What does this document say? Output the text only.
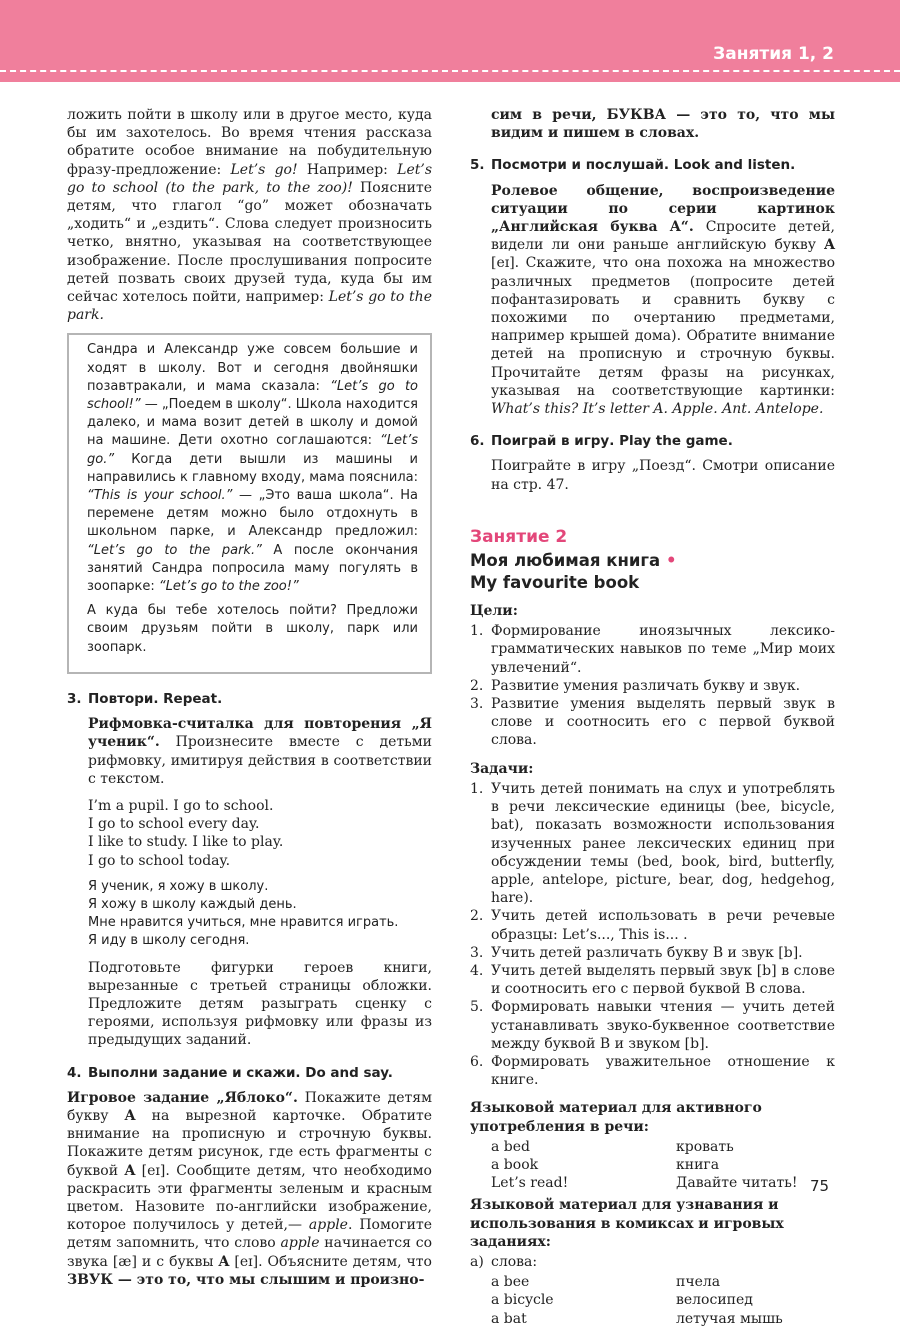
Занятия 1, 2

ложить пойти в школу или в другое место, куда бы им захотелось. Во время чтения рассказа обратите особое внимание на побудительную фразу-предложение: Let’s go! Например: Let’s go to school (to the park, to the zoo)! Поясните детям, что глагол “go” может обозначать „ходить“ и „ездить“. Слова следует произносить четко, внятно, указывая на соответствующее изображение. После прослушивания попросите детей позвать своих друзей туда, куда бы им сейчас хотелось пойти, например: Let’s go to the park.

Сандра и Александр уже совсем большие и ходят в школу. Вот и сегодня двойняшки позавтракали, и мама сказала: “Let’s go to school!” — „Поедем в школу“. Школа находится далеко, и мама возит детей в школу и домой на машине. Дети охотно соглашаются: “Let’s go.” Когда дети вышли из машины и направились к главному входу, мама пояснила: “This is your school.” — „Это ваша школа“. На перемене детям можно было отдохнуть в школьном парке, и Александр предложил: “Let’s go to the park.” А после окончания занятий Сандра попросила маму погулять в зоопарке: “Let’s go to the zoo!”

А куда бы тебе хотелось пойти? Предложи своим друзьям пойти в школу, парк или зоопарк.

3. Повтори. Repeat.

Рифмовка-считалка для повторения „Я ученик“. Произнесите вместе с детьми рифмовку, имитируя действия в соответствии с текстом.

I’m a pupil. I go to school.

I go to school every day.

I like to study. I like to play.

I go to school today.

Я ученик, я хожу в школу.

Я хожу в школу каждый день.

Мне нравится учиться, мне нравится играть.

Я иду в школу сегодня.

Подготовьте фигурки героев книги, вырезанные с третьей страницы обложки. Предложите детям разыграть сценку с героями, используя рифмовку или фразы из предыдущих заданий.

4. Выполни задание и скажи. Do and say.

Игровое задание „Яблоко“. Покажите детям букву A на вырезной карточке. Обратите внимание на прописную и строчную буквы. Покажите детям рисунок, где есть фрагменты с буквой A [eɪ]. Сообщите детям, что необходимо раскрасить эти фрагменты зеленым и красным цветом. Назовите по-английски изображение, которое получилось у детей,— apple. Помогите детям запомнить, что слово apple начинается со звука [æ] и с буквы A [eɪ]. Объясните детям, что ЗВУК — это то, что мы слышим и произно-

сим в речи, БУКВА — это то, что мы видим и пишем в словах.

5. Посмотри и послушай. Look and listen.

Ролевое общение, воспроизведение ситуации по серии картинок „Английская буква A“. Спросите детей, видели ли они раньше английскую букву A [eɪ]. Скажите, что она похожа на множество различных предметов (попросите детей пофантазировать и сравнить букву с похожими по очертанию предметами, например крышей дома). Обратите внимание детей на прописную и строчную буквы. Прочитайте детям фразы на рисунках, указывая на соответствующие картинки: What’s this? It’s letter A. Apple. Ant. Antelope.

6. Поиграй в игру. Play the game.

Поиграйте в игру „Поезд“. Смотри описание на стр. 47.

Занятие 2
Моя любимая книга •
My favourite book
Цели:
1. Формирование иноязычных лексико-грамматических навыков по теме „Мир моих увлечений“.
2. Развитие умения различать букву и звук.
3. Развитие умения выделять первый звук в слове и соотносить его с первой буквой слова.
Задачи:
1. Учить детей понимать на слух и употреблять в речи лексические единицы (bee, bicycle, bat), показать возможности использования изученных ранее лексических единиц при обсуждении темы (bed, book, bird, butterfly, apple, antelope, picture, bear, dog, hedgehog, hare).
2. Учить детей использовать в речи речевые образцы: Let’s..., This is... .
3. Учить детей различать букву B и звук [b].
4. Учить детей выделять первый звук [b] в слове и соотносить его с первой буквой B слова.
5. Формировать навыки чтения — учить детей устанавливать звуко-буквенное соответствие между буквой B и звуком [b].
6. Формировать уважительное отношение к книге.
Языковой материал для активного употребления в речи:
a bed	кровать
a book	книга
Let’s read!	Давайте читать!
Языковой материал для узнавания и использования в комиксах и игровых заданиях:
а) слова:
a bee	пчела
a bicycle	велосипед
a bat	летучая мышь
75
